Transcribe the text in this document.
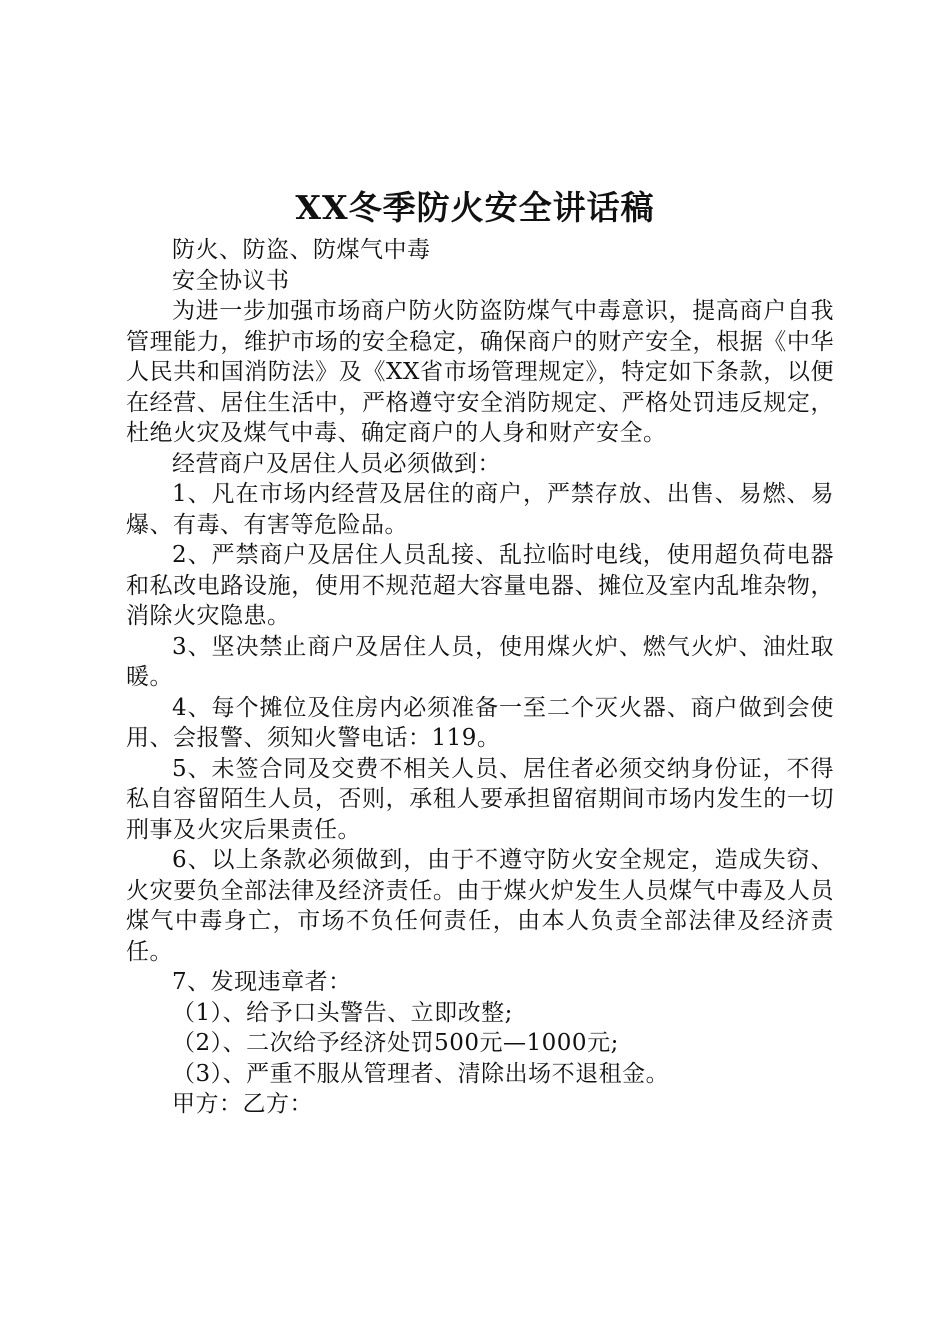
XX冬季防火安全讲话稿

防火、防盗、防煤气中毒

安全协议书

为进一步加强市场商户防火防盗防煤气中毒意识，提高商户自我管理能力，维护市场的安全稳定，确保商户的财产安全，根据《中华人民共和国消防法》及《XX省市场管理规定》，特定如下条款，以便在经营、居住生活中，严格遵守安全消防规定、严格处罚违反规定，杜绝火灾及煤气中毒、确定商户的人身和财产安全。

经营商户及居住人员必须做到：

1、凡在市场内经营及居住的商户，严禁存放、出售、易燃、易爆、有毒、有害等危险品。

2、严禁商户及居住人员乱接、乱拉临时电线，使用超负荷电器和私改电路设施，使用不规范超大容量电器、摊位及室内乱堆杂物，消除火灾隐患。

3、坚决禁止商户及居住人员，使用煤火炉、燃气火炉、油灶取暖。

4、每个摊位及住房内必须准备一至二个灭火器、商户做到会使用、会报警、须知火警电话：119。

5、未签合同及交费不相关人员、居住者必须交纳身份证，不得私自容留陌生人员，否则，承租人要承担留宿期间市场内发生的一切刑事及火灾后果责任。

6、以上条款必须做到，由于不遵守防火安全规定，造成失窃、火灾要负全部法律及经济责任。由于煤火炉发生人员煤气中毒及人员煤气中毒身亡，市场不负任何责任，由本人负责全部法律及经济责任。

7、发现违章者：

（1）、给予口头警告、立即改整;

（2）、二次给予经济处罚500元—1000元;

（3）、严重不服从管理者、清除出场不退租金。

甲方：乙方：
